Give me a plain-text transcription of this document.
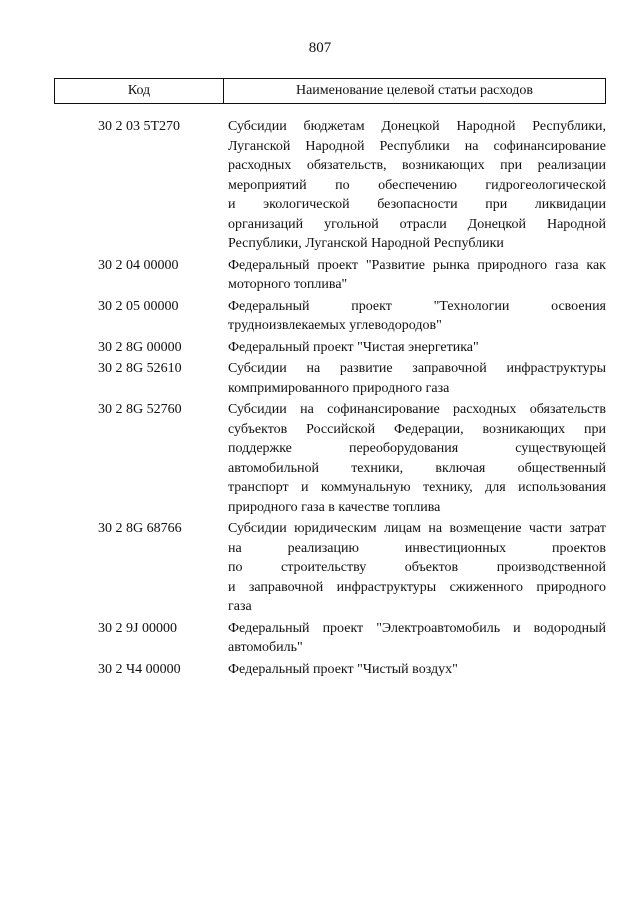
807
Код	Наименование целевой статьи расходов
30 2 03 5Т270	Субсидии бюджетам Донецкой Народной Республики,
Луганской Народной Республики на софинансирование
расходных обязательств, возникающих при реализации
мероприятий по обеспечению гидрогеологической
и экологической безопасности при ликвидации
организаций угольной отрасли Донецкой Народной
Республики, Луганской Народной Республики
30 2 04 00000	Федеральный проект "Развитие рынка природного газа как
моторного топлива"
30 2 05 00000	Федеральный проект "Технологии освоения
трудноизвлекаемых углеводородов"
30 2 8G 00000	Федеральный проект "Чистая энергетика"
30 2 8G 52610	Субсидии на развитие заправочной инфраструктуры
компримированного природного газа
30 2 8G 52760	Субсидии на софинансирование расходных обязательств
субъектов Российской Федерации, возникающих при
поддержке переоборудования существующей
автомобильной техники, включая общественный
транспорт и коммунальную технику, для использования
природного газа в качестве топлива
30 2 8G 68766	Субсидии юридическим лицам на возмещение части затрат
на реализацию инвестиционных проектов
по строительству объектов производственной
и заправочной инфраструктуры сжиженного природного
газа
30 2 9J 00000	Федеральный проект "Электроавтомобиль и водородный
автомобиль"
30 2 Ч4 00000	Федеральный проект "Чистый воздух"
